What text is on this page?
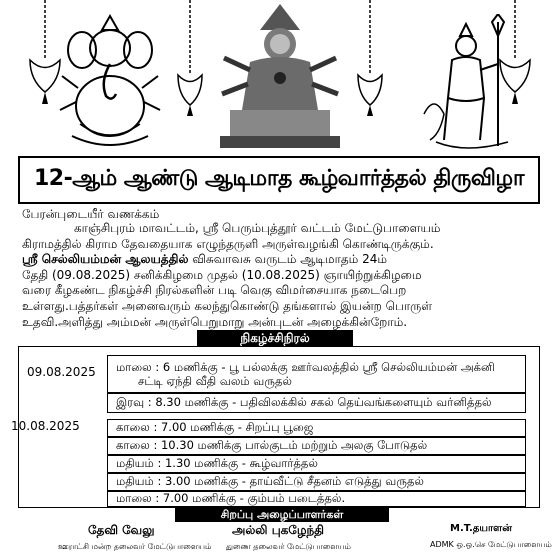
12-ஆம் ஆண்டு ஆடிமாத கூழ்வார்த்தல் திருவிழா
பேரன்புடையீர் வணக்கம்
காஞ்சிபுரம் மாவட்டம், ஸ்ரீ பெரும்புத்தூர் வட்டம் மேட்டுபாளையம்
கிராமத்தில் கிராம தேவதையாக எழுந்தருளி அருள்வழங்கி கொண்டிருக்கும்.
ஸ்ரீ செல்லியம்மன் ஆலயத்தில் விசுவாவசு வருடம் ஆடிமாதம் 24ம்
தேதி (09.08.2025) சனிக்கிழமை முதல் (10.08.2025) ஞாயிற்றுக்கிழமை
வரை கீழகண்ட நிகழ்ச்சி நிரல்களின் படி வெகு விமர்சையாக நடைபெற
உள்ளது.பத்தர்கள் அனைவரும் கலந்துகொண்டு தங்களால் இயன்ற பொருள்
உதவி.அளித்து அம்மன் அருள்பெறுமாறு அன்புடன் அழைக்கின்றோம்.
நிகழ்ச்சிநிரல்
09.08.2025 மாலை : 6 மணிக்கு - பூ பல்லக்கு ஊர்வலத்தில் ஸ்ரீ செல்லியம்மன் அக்னி
சட்டி ஏந்தி வீதி வலம் வருதல்
இரவு : 8.30 மணிக்கு - பதிவிலக்கில் சகல் தெய்வங்களையும் வர்னித்தல்
10.08.2025	காலை : 7.00 மணிக்கு - சிறப்பு பூஜை
காலை : 10.30 மணிக்கு பால்குடம் மற்றும் அலகு போடுதல்
மதியம் : 1.30 மணிக்கு - கூழ்வார்த்தல்
மதியம் : 3.00 மணிக்கு - தாய்வீட்டு சீதனம் எடுத்து வருதல்
மாலை : 7.00 மணிக்கு - கும்பம் படைத்தல்.
சிறப்பு அழைப்பாளர்கள்
தேவி வேலு
ஊராட்சி மன்ற தலைவர் மேட்டுபாளையம்
அல்லி புகழேந்தி
துணை தலைவர் மேட்டுபாளையம்
M.T.தயாளன்
ADMK ஒ.ஒ.செ மேட்டுபாளையம்
